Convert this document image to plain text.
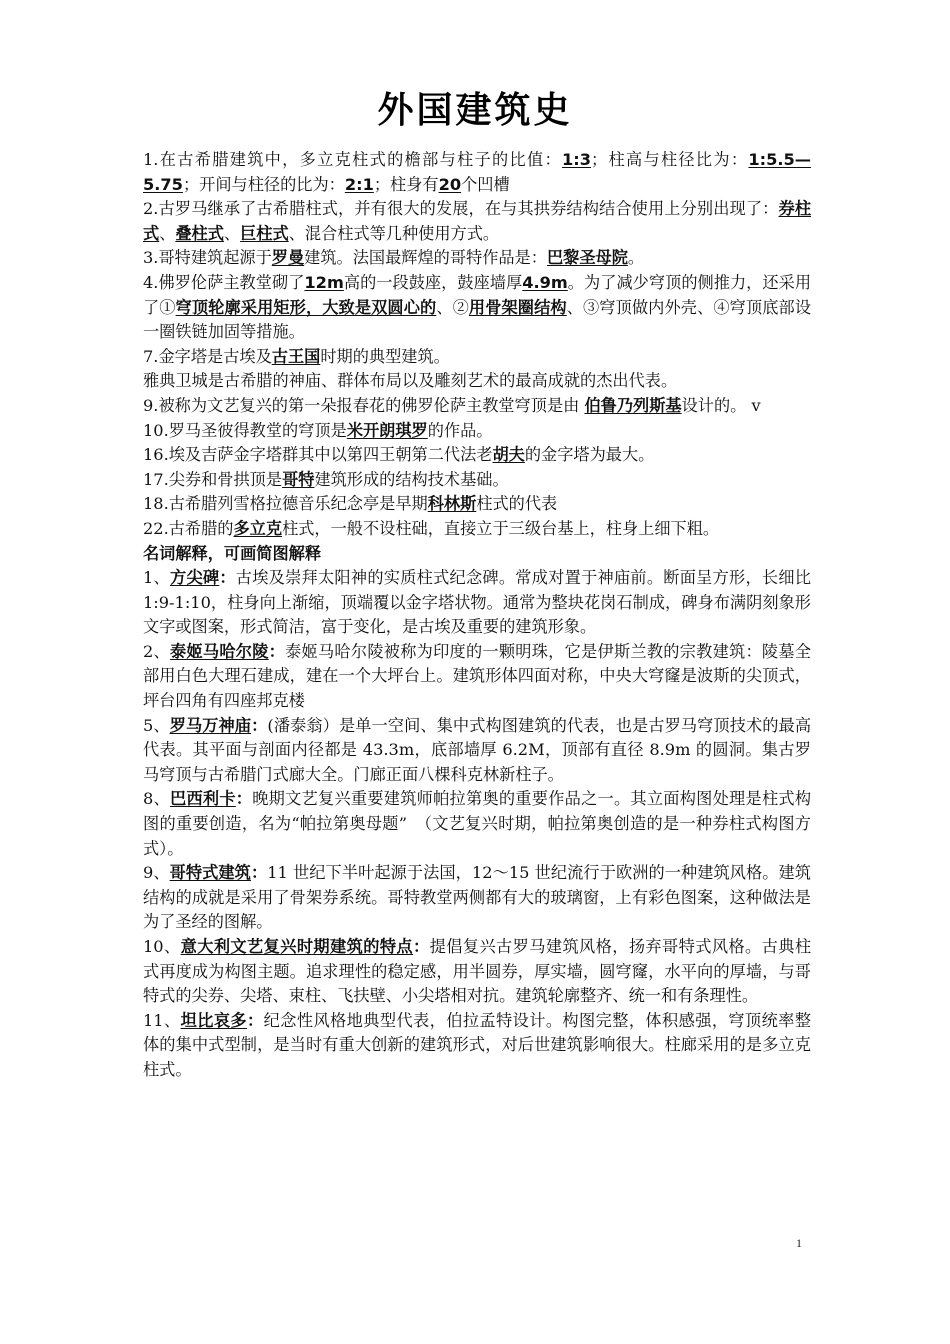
外国建筑史

1.在古希腊建筑中，多立克柱式的檐部与柱子的比值：1:3；柱高与柱径比为：1:5.5—5.75；开间与柱径的比为：2:1；柱身有20个凹槽

2.古罗马继承了古希腊柱式，并有很大的发展，在与其拱券结构结合使用上分别出现了：券柱式、叠柱式、巨柱式、混合柱式等几种使用方式。

3.哥特建筑起源于罗曼建筑。法国最辉煌的哥特作品是：巴黎圣母院。

4.佛罗伦萨主教堂砌了12m高的一段鼓座，鼓座墙厚4.9m。为了减少穹顶的侧推力，还采用了①穹顶轮廓采用矩形，大致是双圆心的、②用骨架圈结构、③穹顶做内外壳、④穹顶底部设一圈铁链加固等措施。

7.金字塔是古埃及古王国时期的典型建筑。

雅典卫城是古希腊的神庙、群体布局以及雕刻艺术的最高成就的杰出代表。

9.被称为文艺复兴的第一朵报春花的佛罗伦萨主教堂穹顶是由 伯鲁乃列斯基设计的。 v

10.罗马圣彼得教堂的穹顶是米开朗琪罗的作品。

16.埃及吉萨金字塔群其中以第四王朝第二代法老胡夫的金字塔为最大。

17.尖券和骨拱顶是哥特建筑形成的结构技术基础。

18.古希腊列雪格拉德音乐纪念亭是早期科林斯柱式的代表

22.古希腊的多立克柱式，一般不设柱础，直接立于三级台基上，柱身上细下粗。

名词解释，可画简图解释

1、方尖碑：古埃及崇拜太阳神的实质柱式纪念碑。常成对置于神庙前。断面呈方形，长细比 1:9-1:10，柱身向上渐缩，顶端覆以金字塔状物。通常为整块花岗石制成，碑身布满阴刻象形文字或图案，形式简洁，富于变化，是古埃及重要的建筑形象。

2、泰姬马哈尔陵：泰姬马哈尔陵被称为印度的一颗明珠，它是伊斯兰教的宗教建筑：陵墓全部用白色大理石建成，建在一个大坪台上。建筑形体四面对称，中央大穹窿是波斯的尖顶式，坪台四角有四座邦克楼

5、罗马万神庙：(潘泰翁）是单一空间、集中式构图建筑的代表，也是古罗马穹顶技术的最高代表。其平面与剖面内径都是 43.3m，底部墙厚 6.2M，顶部有直径 8.9m 的圆洞。集古罗马穹顶与古希腊门式廊大全。门廊正面八棵科克林新柱子。

8、巴西利卡：晚期文艺复兴重要建筑师帕拉第奥的重要作品之一。其立面构图处理是柱式构图的重要创造，名为“帕拉第奥母题”　（文艺复兴时期，帕拉第奥创造的是一种券柱式构图方式）。

9、哥特式建筑：11 世纪下半叶起源于法国，12～15 世纪流行于欧洲的一种建筑风格。建筑结构的成就是采用了骨架券系统。哥特教堂两侧都有大的玻璃窗，上有彩色图案，这种做法是为了圣经的图解。

10、意大利文艺复兴时期建筑的特点：提倡复兴古罗马建筑风格，扬弃哥特式风格。古典柱式再度成为构图主题。追求理性的稳定感，用半圆券，厚实墙，圆穹窿，水平向的厚墙，与哥特式的尖券、尖塔、束柱、飞扶壁、小尖塔相对抗。建筑轮廓整齐、统一和有条理性。

11、坦比哀多：纪念性风格地典型代表，伯拉孟特设计。构图完整，体积感强，穹顶统率整体的集中式型制，是当时有重大创新的建筑形式，对后世建筑影响很大。柱廊采用的是多立克柱式。

1
